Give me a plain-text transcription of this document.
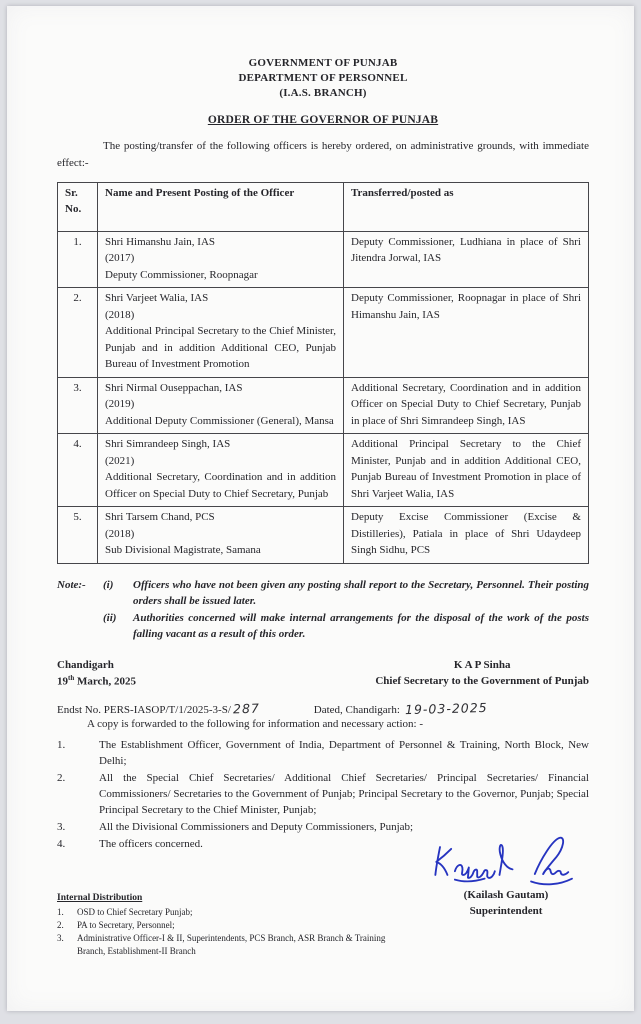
GOVERNMENT OF PUNJAB
DEPARTMENT OF PERSONNEL
(I.A.S. BRANCH)
ORDER OF THE GOVERNOR OF PUNJAB

The posting/transfer of the following officers is hereby ordered, on administrative grounds, with immediate effect:-

Sr. No.	Name and Present Posting of the Officer	Transferred/posted as
1.	Shri Himanshu Jain, IAS
(2017)
Deputy Commissioner, Roopnagar	Deputy Commissioner, Ludhiana in place of Shri Jitendra Jorwal, IAS
2.	Shri Varjeet Walia, IAS
(2018)
Additional Principal Secretary to the Chief Minister, Punjab and in addition Additional CEO, Punjab Bureau of Investment Promotion	Deputy Commissioner, Roopnagar in place of Shri Himanshu Jain, IAS
3.	Shri Nirmal Ouseppachan, IAS
(2019)
Additional Deputy Commissioner (General), Mansa	Additional Secretary, Coordination and in addition Officer on Special Duty to Chief Secretary, Punjab in place of Shri Simrandeep Singh, IAS
4.	Shri Simrandeep Singh, IAS
(2021)
Additional Secretary, Coordination and in addition Officer on Special Duty to Chief Secretary, Punjab	Additional Principal Secretary to the Chief Minister, Punjab and in addition Additional CEO, Punjab Bureau of Investment Promotion in place of Shri Varjeet Walia, IAS
5.	Shri Tarsem Chand, PCS
(2018)
Sub Divisional Magistrate, Samana	Deputy Excise Commissioner (Excise & Distilleries), Patiala in place of Shri Udaydeep Singh Sidhu, PCS
Note:-	(i)	Officers who have not been given any posting shall report to the Secretary, Personnel. Their posting orders shall be issued later.
(ii)	Authorities concerned will make internal arrangements for the disposal of the work of the posts falling vacant as a result of this order.
Chandigarh
19th March, 2025
K A P Sinha
Chief Secretary to the Government of Punjab
Endst No. PERS-IASOP/T/1/2025-3-S/ 287	Dated, Chandigarh: 19-03-2025
A copy is forwarded to the following for information and necessary action: -
1.	The Establishment Officer, Government of India, Department of Personnel & Training, North Block, New Delhi;
2.	All the Special Chief Secretaries/ Additional Chief Secretaries/ Principal Secretaries/ Financial Commissioners/ Secretaries to the Government of Punjab; Principal Secretary to the Governor, Punjab; Special Principal Secretary to the Chief Minister, Punjab;
3.	All the Divisional Commissioners and Deputy Commissioners, Punjab;
4.	The officers concerned.
Internal Distribution
1.	OSD to Chief Secretary Punjab;
2.	PA to Secretary, Personnel;
3.	Administrative Officer-I & II, Superintendents, PCS Branch, ASR Branch & Training Branch, Establishment-II Branch
(Kailash Gautam)
Superintendent
